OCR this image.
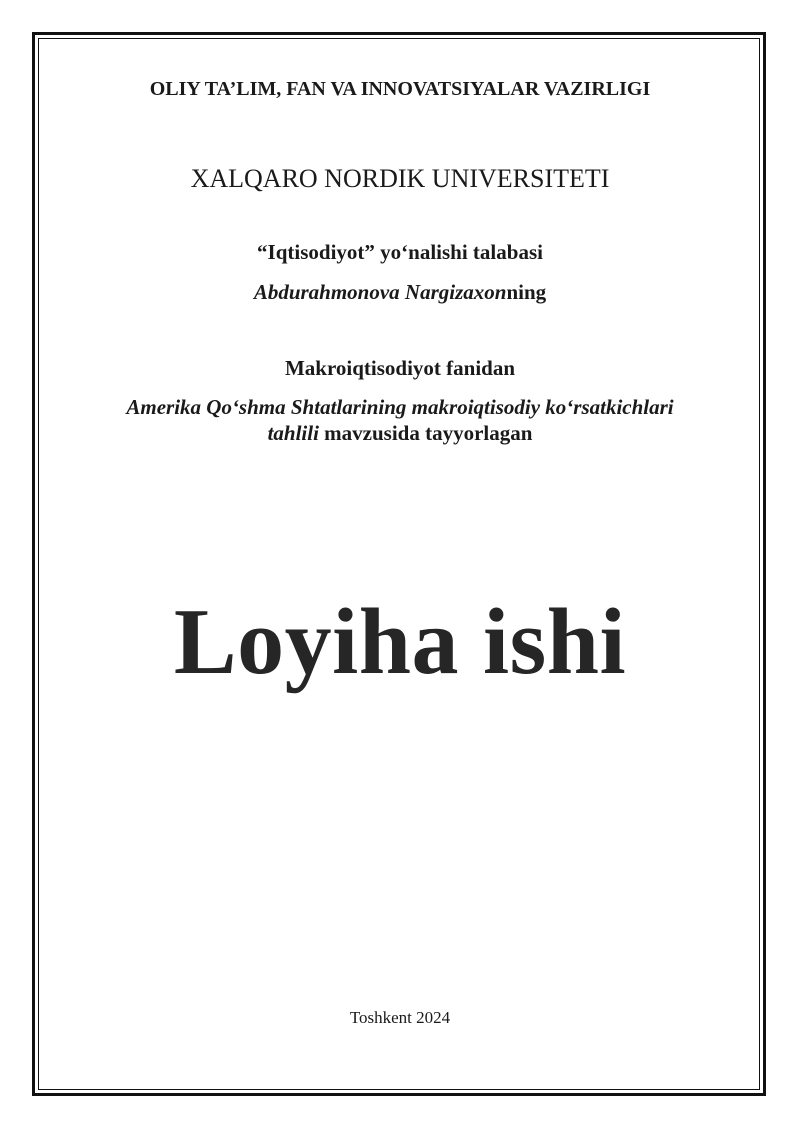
OLIY TA’LIM, FAN VA INNOVATSIYALAR VAZIRLIGI
XALQARO NORDIK UNIVERSITETI
“Iqtisodiyot” yo‘nalishi talabasi
Abdurahmonova Nargizaxonning
Makroiqtisodiyot fanidan
Amerika Qo‘shma Shtatlarining makroiqtisodiy ko‘rsatkichlari
tahlili mavzusida tayyorlagan
Loyiha ishi
Toshkent 2024
